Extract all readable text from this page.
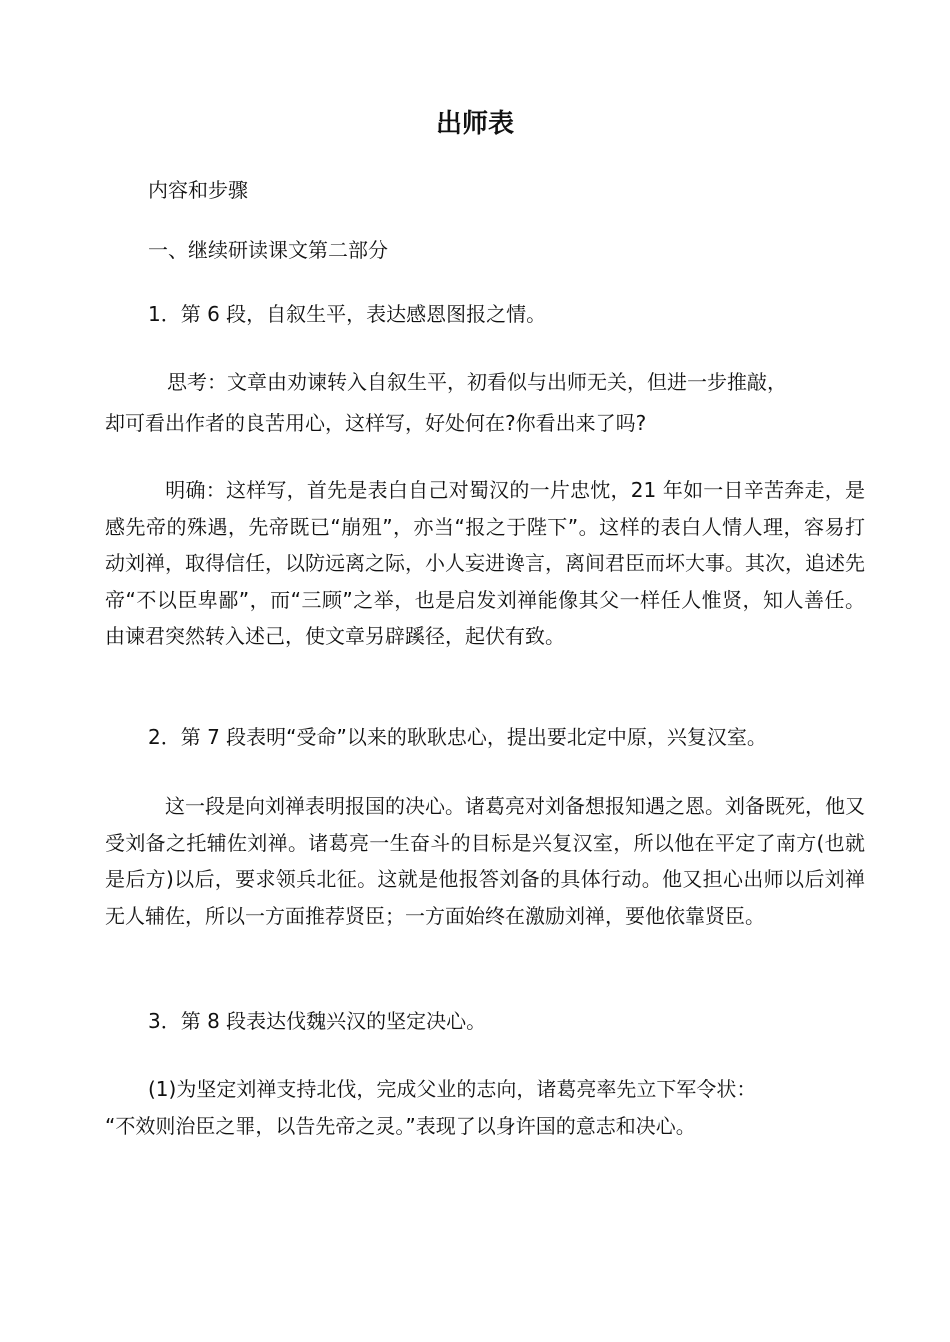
出师表
内容和步骤
一、继续研读课文第二部分
1．第 6 段，自叙生平，表达感恩图报之情。
思考：文章由劝谏转入自叙生平，初看似与出师无关，但进一步推敲，
却可看出作者的良苦用心，这样写，好处何在?你看出来了吗?
明确：这样写，首先是表白自己对蜀汉的一片忠忱，21 年如一日辛苦奔走，是感先帝的殊遇，先帝既已“崩殂”，亦当“报之于陛下”。这样的表白人情人理，容易打动刘禅，取得信任，以防远离之际，小人妄进谗言，离间君臣而坏大事。其次，追述先帝“不以臣卑鄙”，而“三顾”之举，也是启发刘禅能像其父一样任人惟贤，知人善任。由谏君突然转入述己，使文章另辟蹊径，起伏有致。
2．第 7 段表明“受命”以来的耿耿忠心，提出要北定中原，兴复汉室。
这一段是向刘禅表明报国的决心。诸葛亮对刘备想报知遇之恩。刘备既死，他又受刘备之托辅佐刘禅。诸葛亮一生奋斗的目标是兴复汉室，所以他在平定了南方(也就是后方)以后，要求领兵北征。这就是他报答刘备的具体行动。他又担心出师以后刘禅无人辅佐，所以一方面推荐贤臣；一方面始终在激励刘禅，要他依靠贤臣。
3．第 8 段表达伐魏兴汉的坚定决心。
(1)为坚定刘禅支持北伐，完成父业的志向，诸葛亮率先立下军令状：
“不效则治臣之罪，以告先帝之灵。”表现了以身许国的意志和决心。
